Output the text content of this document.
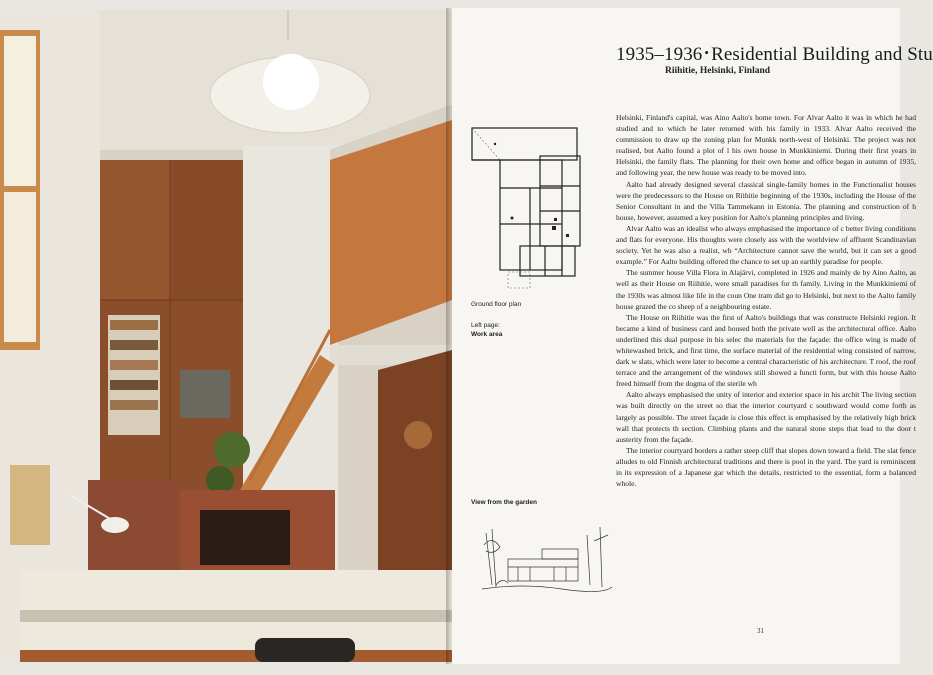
1935–1936 • Residential Building and Stu
Riihitie, Helsinki, Finland
Ground floor plan
Left page:
Work area
View from the garden

Helsinki, Finland's capital, was Aino Aalto's home town. For Alvar Aalto it was in which he had studied and to which he later returned with his family in 1933. Alvar Aalto received the commission to draw up the zoning plan for Munkk north-west of Helsinki. The project was not realised, but Aalto found a plot of l his own house in Munkkiniemi. During their first years in Helsinki, the family flats. The planning for their own home and office began in autumn of 1935, and following year, the new house was ready to be moved into.

Aalto had already designed several classical single-family homes in the Functionalist houses were the predecessors to the House on Riihitie beginning of the 1930s, including the House of the Senior Consultant in and the Villa Tammekann in Estonia. The planning and construction of h house, however, assumed a key position for Aalto's planning principles and living.

Alvar Aalto was an idealist who always emphasised the importance of c better living conditions and flats for everyone. His thoughts were closely ass with the worldview of affluent Scandinavian society. Yet he was also a realist, wh “Architecture cannot save the world, but it can set a good example.” For Aalto building offered the chance to set up an earthly paradise for people.

The summer house Villa Flora in Alajärvi, completed in 1926 and mainly de by Aino Aalto, as well as their House on Riihitie, were small paradises for th family. Living in the Munkkiniemi of the 1930s was almost like life in the coun One tram did go to Helsinki, but next to the Aalto family house grazed the co sheep of a neighbouring estate.

The House on Riihitie was the first of Aalto's buildings that was constructe Helsinki region. It became a kind of business card and housed both the private well as the architectural office. Aalto underlined this dual purpose in his selec the materials for the façade: the office wing is made of whitewashed brick, and first time, the surface material of the residential wing consisted of narrow, dark w slats, which were later to become a central characteristic of his architecture. T roof, the roof terrace and the arrangement of the windows still showed a functi form, but with this house Aalto freed himself from the dogma of the sterile wh

Aalto always emphasised the unity of interior and exterior space in his archit The living section was built directly on the street so that the interior courtyard c southward would come forth as largely as possible. The street façade is close this effect is emphasised by the relatively high brick wall that protects th section. Climbing plants and the natural stone steps that lead to the door t austerity from the façade.

The interior courtyard borders a rather steep cliff that slopes down toward a field. The slat fence alludes to old Finnish architectural traditions and there is pool in the yard. The yard is reminiscent in its expression of a Japanese gar which the details, restricted to the essential, form a balanced whole.

31
